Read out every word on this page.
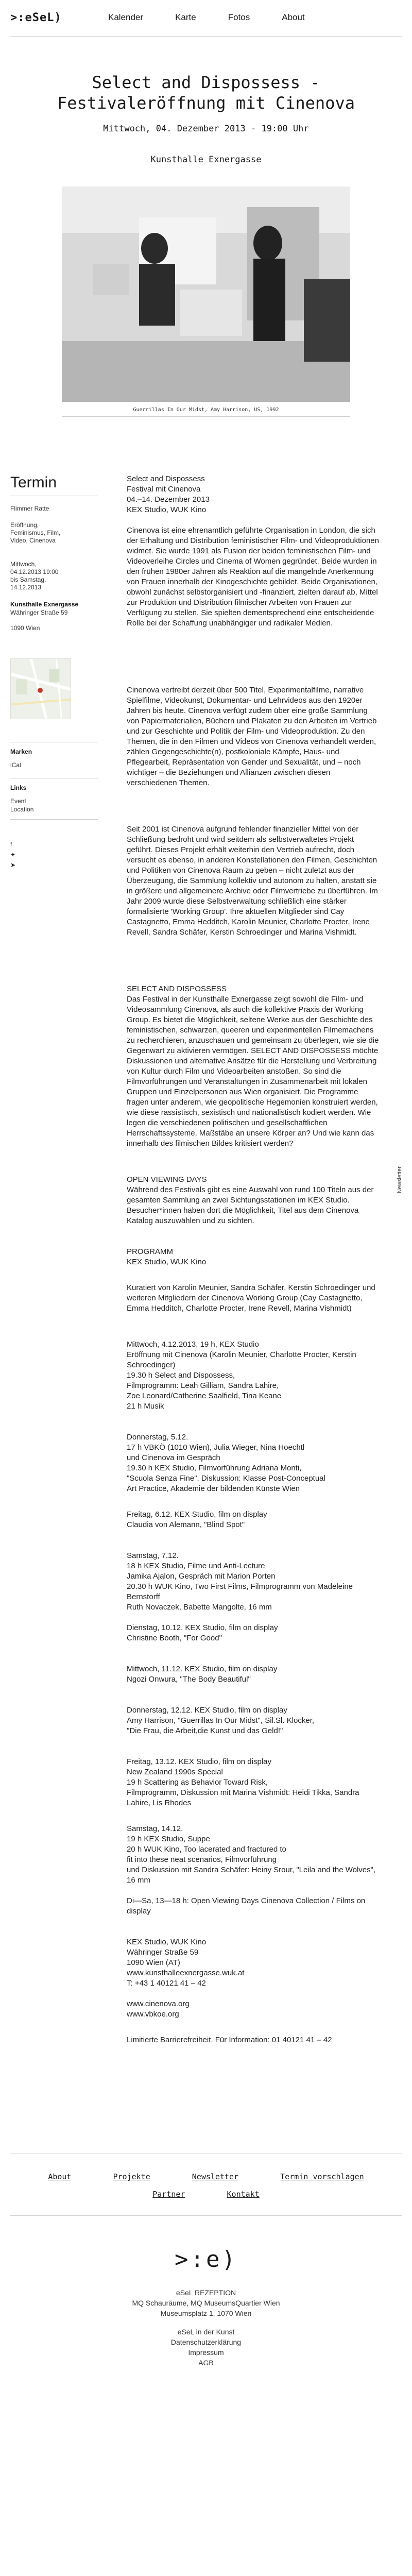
>:eSeL)	Kalender	Karte	Fotos	About
Select and Dispossess -
Festivaleröffnung mit Cinenova
Mittwoch, 04. Dezember 2013 - 19:00 Uhr
Kunsthalle Exnergasse
Guerrillas In Our Midst, Amy Harrison, US, 1992
Termin
Flimmer Ratte
Eröffnung, Feminismus, Film, Video, Cinenova
Mittwoch, 04.12.2013 19:00 bis Samstag, 14.12.2013
Kunsthalle Exnergasse
Währinger Straße 59
1090 Wien
Marken
iCal
Links
Event
Location
f
✦
➤
Select and Dispossess
Festival mit Cinenova
04.–14. Dezember 2013
KEX Studio, WUK Kino
Cinenova ist eine ehrenamtlich geführte Organisation in London, die sich der Erhaltung und Distribution feministischer Film- und Videoproduktionen widmet. Sie wurde 1991 als Fusion der beiden feministischen Film- und Videoverleihe Circles und Cinema of Women gegründet. Beide wurden in den frühen 1980er Jahren als Reaktion auf die mangelnde Anerkennung von Frauen innerhalb der Kinogeschichte gebildet. Beide Organisationen, obwohl zunächst selbstorganisiert und -finanziert, zielten darauf ab, Mittel zur Produktion und Distribution filmischer Arbeiten von Frauen zur Verfügung zu stellen. Sie spielten dementsprechend eine entscheidende Rolle bei der Schaffung unabhängiger und radikaler Medien.
Cinenova vertreibt derzeit über 500 Titel, Experimentalfilme, narrative Spielfilme, Videokunst, Dokumentar- und Lehrvideos aus den 1920er Jahren bis heute. Cinenova verfügt zudem über eine große Sammlung von Papiermaterialien, Büchern und Plakaten zu den Arbeiten im Vertrieb und zur Geschichte und Politik der Film- und Videoproduktion. Zu den Themen, die in den Filmen und Videos von Cinenova verhandelt werden, zählen Gegengeschichte(n), postkoloniale Kämpfe, Haus- und Pflegearbeit, Repräsentation von Gender und Sexualität, und – noch wichtiger – die Beziehungen und Allianzen zwischen diesen verschiedenen Themen.
Seit 2001 ist Cinenova aufgrund fehlender finanzieller Mittel von der Schließung bedroht und wird seitdem als selbstverwaltetes Projekt geführt. Dieses Projekt erhält weiterhin den Vertrieb aufrecht, doch versucht es ebenso, in anderen Konstellationen den Filmen, Geschichten und Politiken von Cinenova Raum zu geben – nicht zuletzt aus der Überzeugung, die Sammlung kollektiv und autonom zu halten, anstatt sie in größere und allgemeinere Archive oder Filmvertriebe zu überführen. Im Jahr 2009 wurde diese Selbstverwaltung schließlich eine stärker formalisierte 'Working Group'. Ihre aktuellen Mitglieder sind Cay Castagnetto, Emma Hedditch, Karolin Meunier, Charlotte Procter, Irene Revell, Sandra Schäfer, Kerstin Schroedinger und Marina Vishmidt.
SELECT AND DISPOSSESS
Das Festival in der Kunsthalle Exnergasse zeigt sowohl die Film- und Videosammlung Cinenova, als auch die kollektive Praxis der Working Group. Es bietet die Möglichkeit, seltene Werke aus der Geschichte des feministischen, schwarzen, queeren und experimentellen Filmemachens zu recherchieren, anzuschauen und gemeinsam zu überlegen, wie sie die Gegenwart zu aktivieren vermögen. SELECT AND DISPOSSESS möchte Diskussionen und alternative Ansätze für die Herstellung und Verbreitung von Kultur durch Film und Videoarbeiten anstoßen. So sind die Filmvorführungen und Veranstaltungen in Zusammenarbeit mit lokalen Gruppen und Einzelpersonen aus Wien organisiert. Die Programme fragen unter anderem, wie geopolitische Hegemonien konstruiert werden, wie diese rassistisch, sexistisch und nationalistisch kodiert werden. Wie legen die verschiedenen politischen und gesellschaftlichen Herrschaftssysteme, Maßstäbe an unsere Körper an? Und wie kann das innerhalb des filmischen Bildes kritisiert werden?
OPEN VIEWING DAYS
Während des Festivals gibt es eine Auswahl von rund 100 Titeln aus der gesamten Sammlung an zwei Sichtungsstationen im KEX Studio. Besucher*innen haben dort die Möglichkeit, Titel aus dem Cinenova Katalog auszuwählen und zu sichten.
PROGRAMM
KEX Studio, WUK Kino
Kuratiert von Karolin Meunier, Sandra Schäfer, Kerstin Schroedinger und weiteren Mitgliedern der Cinenova Working Group (Cay Castagnetto, Emma Hedditch, Charlotte Procter, Irene Revell, Marina Vishmidt)
Mittwoch, 4.12.2013, 19 h, KEX Studio
Eröffnung mit Cinenova (Karolin Meunier, Charlotte Procter, Kerstin Schroedinger)
19.30 h Select and Dispossess,
Filmprogramm: Leah Gilliam, Sandra Lahire,
Zoe Leonard/Catherine Saalfield, Tina Keane
21 h Musik
Donnerstag, 5.12.
17 h VBKÖ (1010 Wien), Julia Wieger, Nina Hoechtl
und Cinenova im Gespräch
19.30 h KEX Studio, Filmvorführung Adriana Monti,
"Scuola Senza Fine". Diskussion: Klasse Post-Conceptual
Art Practice, Akademie der bildenden Künste Wien
Freitag, 6.12. KEX Studio, film on display
Claudia von Alemann, "Blind Spot"
Samstag, 7.12.
18 h KEX Studio, Filme und Anti-Lecture
Jamika Ajalon, Gespräch mit Marion Porten
20.30 h WUK Kino, Two First Films, Filmprogramm von Madeleine Bernstorff
Ruth Novaczek, Babette Mangolte, 16 mm
Dienstag, 10.12. KEX Studio, film on display
Christine Booth, "For Good"
Mittwoch, 11.12. KEX Studio, film on display
Ngozi Onwura, "The Body Beautiful"
Donnerstag, 12.12. KEX Studio, film on display
Amy Harrison, "Guerrillas In Our Midst", Sil.Sl. Klocker,
"Die Frau, die Arbeit,die Kunst und das Geld!"
Freitag, 13.12. KEX Studio, film on display
New Zealand 1990s Special
19 h Scattering as Behavior Toward Risk,
Filmprogramm, Diskussion mit Marina Vishmidt: Heidi Tikka, Sandra Lahire, Lis Rhodes
Samstag, 14.12.
19 h KEX Studio, Suppe
20 h WUK Kino, Too lacerated and fractured to
fit into these neat scenarios, Filmvorführung
und Diskussion mit Sandra Schäfer: Heiny Srour, "Leila and the Wolves", 16 mm
Di—Sa, 13—18 h: Open Viewing Days Cinenova Collection / Films on display
KEX Studio, WUK Kino
Währinger Straße 59
1090 Wien (AT)
www.kunsthalleexnergasse.wuk.at
T: +43 1 40121 41 – 42
www.cinenova.org
www.vbkoe.org
Limitierte Barrierefreiheit. Für Information: 01 40121 41 – 42
Newsletter
About	Projekte	Newsletter	Termin vorschlagen
Partner	Kontakt
>:e)
eSeL REZEPTION
MQ Schauräume, MQ MuseumsQuartier Wien
Museumsplatz 1, 1070 Wien
eSeL in der Kunst
Datenschutzerklärung
Impressum
AGB
